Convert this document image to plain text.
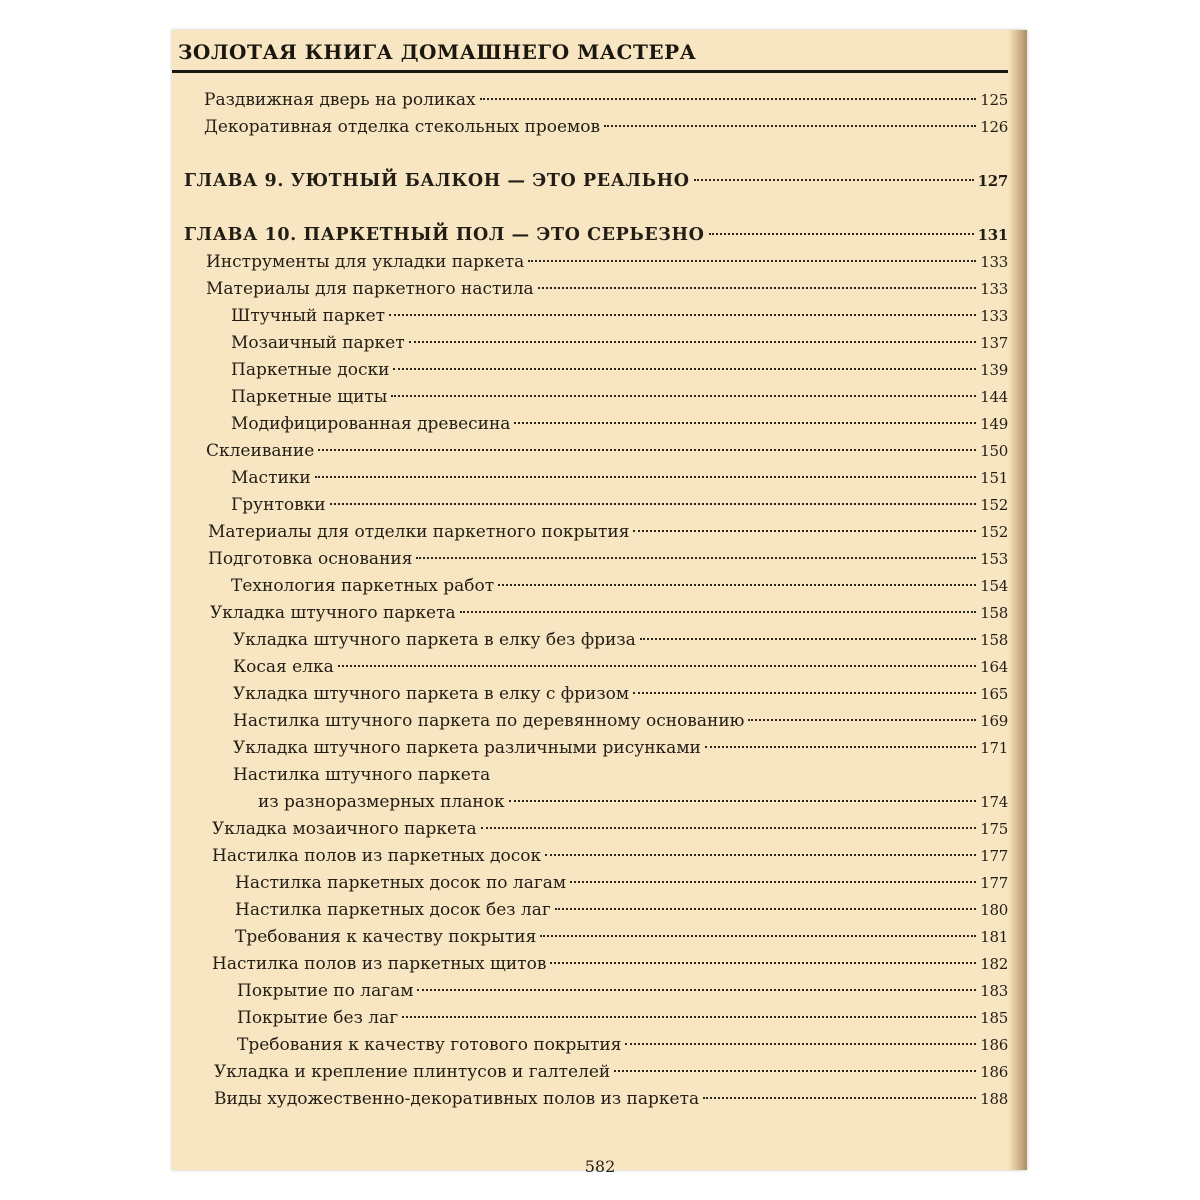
ЗОЛОТАЯ КНИГА ДОМАШНЕГО МАСТЕРА
Раздвижная дверь на роликах	125
Декоративная отделка стекольных проемов	126
ГЛАВА 9. УЮТНЫЙ БАЛКОН — ЭТО РЕАЛЬНО	127
ГЛАВА 10. ПАРКЕТНЫЙ ПОЛ — ЭТО СЕРЬЕЗНО	131
Инструменты для укладки паркета	133
Материалы для паркетного настила	133
Штучный паркет	133
Мозаичный паркет	137
Паркетные доски	139
Паркетные щиты	144
Модифицированная древесина	149
Склеивание	150
Мастики	151
Грунтовки	152
Материалы для отделки паркетного покрытия	152
Подготовка основания	153
Технология паркетных работ	154
Укладка штучного паркета	158
Укладка штучного паркета в елку без фриза	158
Косая елка	164
Укладка штучного паркета в елку с фризом	165
Настилка штучного паркета по деревянному основанию	169
Укладка штучного паркета различными рисунками	171
Настилка штучного паркета
из разноразмерных планок	174
Укладка мозаичного паркета	175
Настилка полов из паркетных досок	177
Настилка паркетных досок по лагам	177
Настилка паркетных досок без лаг	180
Требования к качеству покрытия	181
Настилка полов из паркетных щитов	182
Покрытие по лагам	183
Покрытие без лаг	185
Требования к качеству готового покрытия	186
Укладка и крепление плинтусов и галтелей	186
Виды художественно-декоративных полов из паркета	188
582
